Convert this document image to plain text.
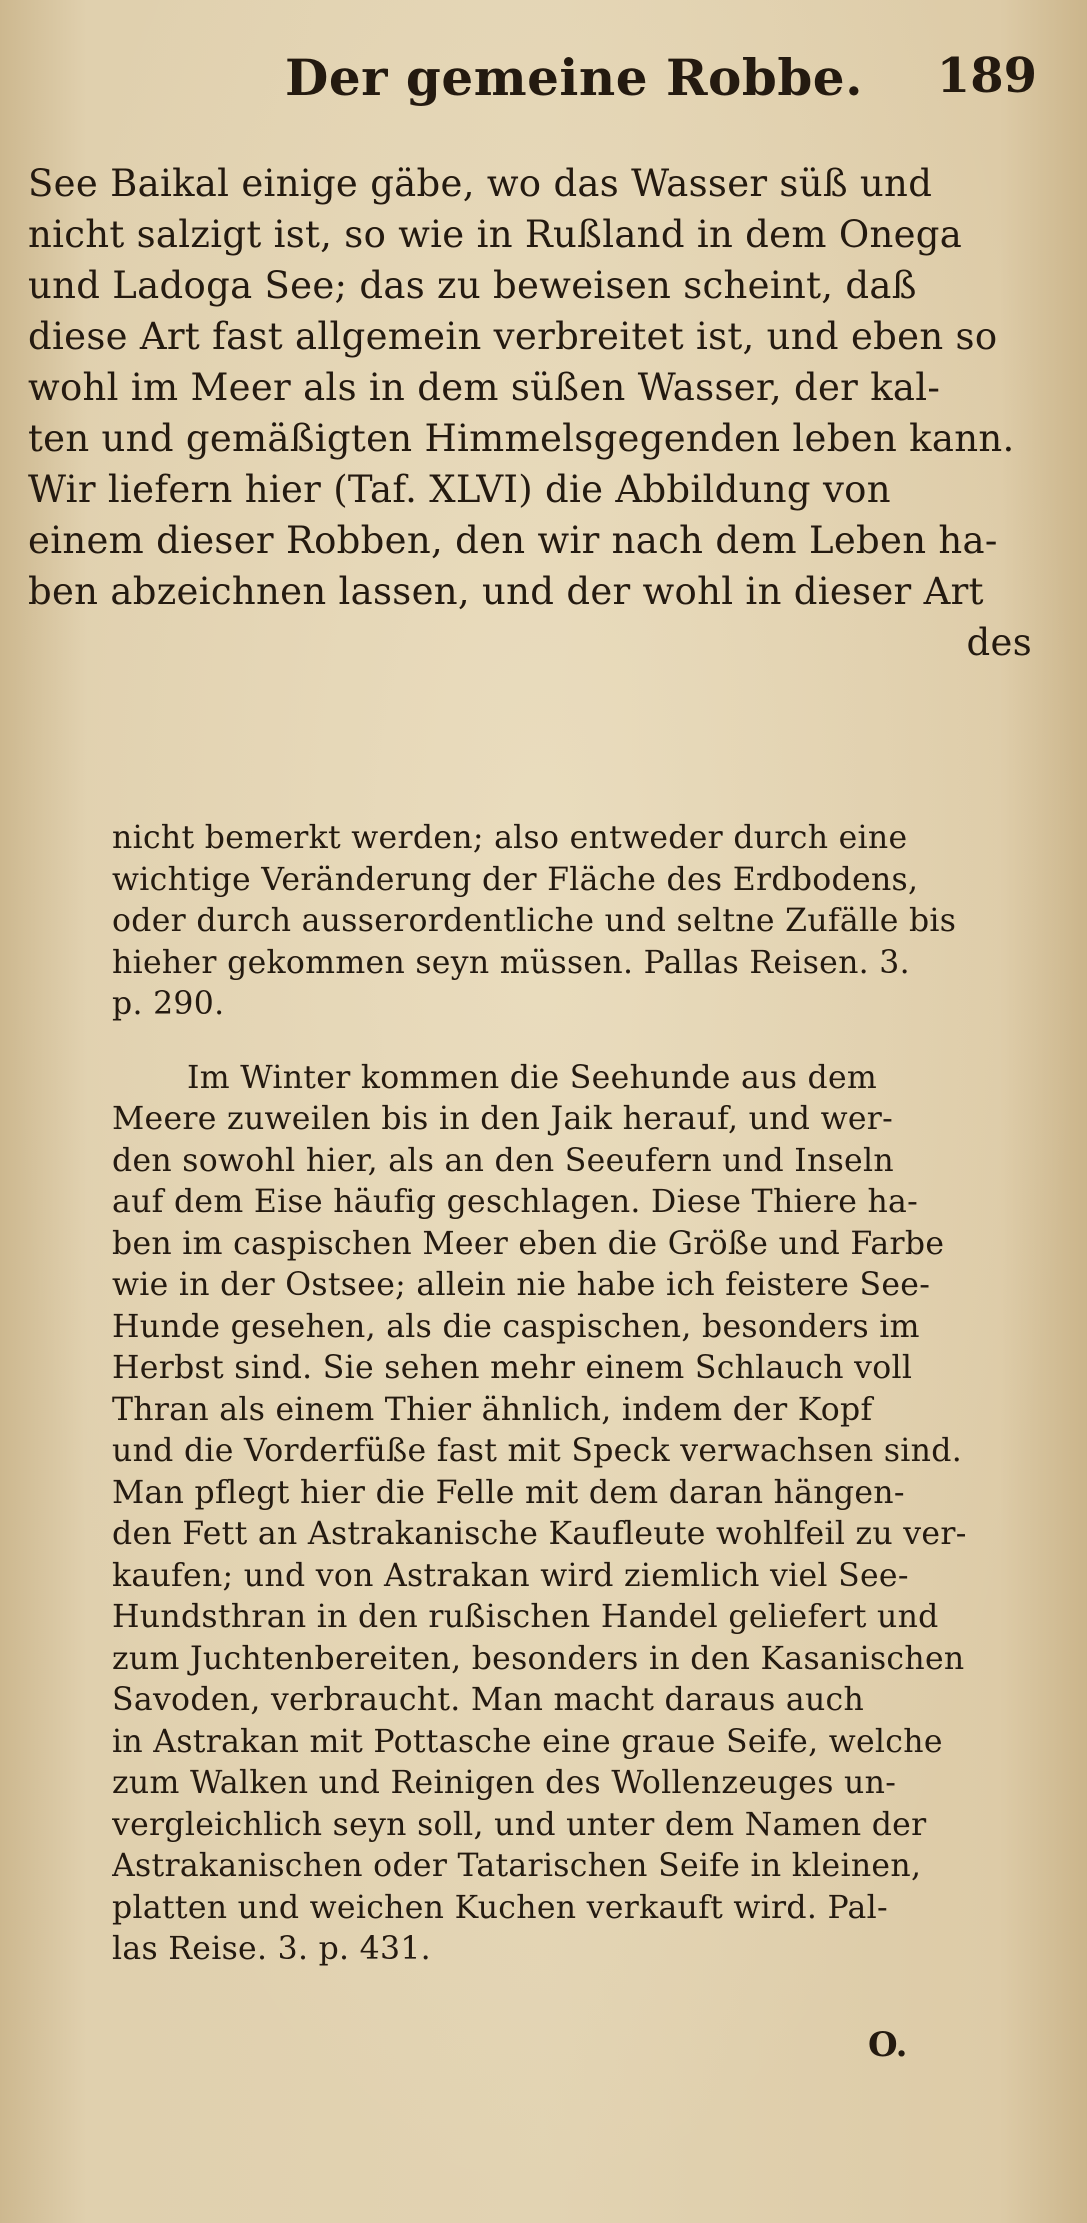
Der gemeine Robbe. 189
See Baikal einige gäbe, wo das Wasser süß und
nicht salzigt ist, so wie in Rußland in dem Onega
und Ladoga See; das zu beweisen scheint, daß
diese Art fast allgemein verbreitet ist, und eben so
wohl im Meer als in dem süßen Wasser, der kal-
ten und gemäßigten Himmelsgegenden leben kann.
Wir liefern hier (Taf. XLVI) die Abbildung von
einem dieser Robben, den wir nach dem Leben ha-
ben abzeichnen lassen, und der wohl in dieser Art
des
nicht bemerkt werden; also entweder durch eine
wichtige Veränderung der Fläche des Erdbodens,
oder durch ausserordentliche und seltne Zufälle bis
hieher gekommen seyn müssen. Pallas Reisen. 3.
p. 290.
Im Winter kommen die Seehunde aus dem
Meere zuweilen bis in den Jaik herauf, und wer-
den sowohl hier, als an den Seeufern und Inseln
auf dem Eise häufig geschlagen. Diese Thiere ha-
ben im caspischen Meer eben die Größe und Farbe
wie in der Ostsee; allein nie habe ich feistere See-
Hunde gesehen, als die caspischen, besonders im
Herbst sind. Sie sehen mehr einem Schlauch voll
Thran als einem Thier ähnlich, indem der Kopf
und die Vorderfüße fast mit Speck verwachsen sind.
Man pflegt hier die Felle mit dem daran hängen-
den Fett an Astrakanische Kaufleute wohlfeil zu ver-
kaufen; und von Astrakan wird ziemlich viel See-
Hundsthran in den rußischen Handel geliefert und
zum Juchtenbereiten, besonders in den Kasanischen
Savoden, verbraucht. Man macht daraus auch
in Astrakan mit Pottasche eine graue Seife, welche
zum Walken und Reinigen des Wollenzeuges un-
vergleichlich seyn soll, und unter dem Namen der
Astrakanischen oder Tatarischen Seife in kleinen,
platten und weichen Kuchen verkauft wird. Pal-
las Reise. 3. p. 431.
O.
